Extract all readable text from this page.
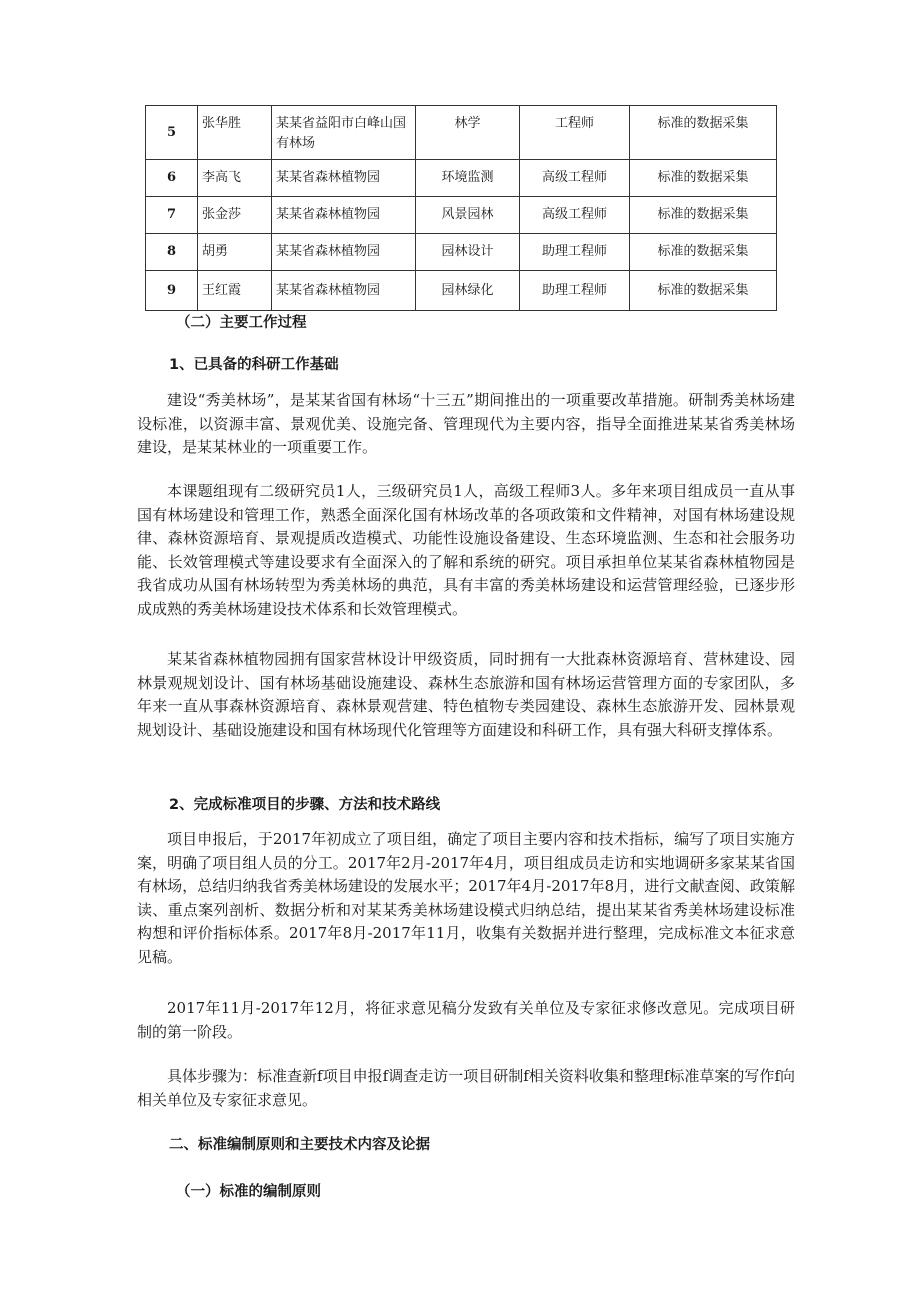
5	张华胜	某某省益阳市白峰山国有林场	林学	工程师	标准的数据采集
6	李高飞	某某省森林植物园	环境监测	高级工程师	标准的数据采集
7	张金莎	某某省森林植物园	风景园林	高级工程师	标准的数据采集
8	胡勇	某某省森林植物园	园林设计	助理工程师	标准的数据采集
9	王红霞	某某省森林植物园	园林绿化	助理工程师	标准的数据采集
（二）主要工作过程
1、已具备的科研工作基础

建设“秀美林场”，是某某省国有林场“十三五”期间推出的一项重要改革措施。研制秀美林场建设标准，以资源丰富、景观优美、设施完备、管理现代为主要内容，指导全面推进某某省秀美林场建设，是某某林业的一项重要工作。

本课题组现有二级研究员1人，三级研究员1人，高级工程师3人。多年来项目组成员一直从事国有林场建设和管理工作，熟悉全面深化国有林场改革的各项政策和文件精神，对国有林场建设规律、森林资源培育、景观提质改造模式、功能性设施设备建设、生态环境监测、生态和社会服务功能、长效管理模式等建设要求有全面深入的了解和系统的研究。项目承担单位某某省森林植物园是我省成功从国有林场转型为秀美林场的典范，具有丰富的秀美林场建设和运营管理经验，已逐步形成成熟的秀美林场建设技术体系和长效管理模式。

某某省森林植物园拥有国家营林设计甲级资质，同时拥有一大批森林资源培育、营林建设、园林景观规划设计、国有林场基础设施建设、森林生态旅游和国有林场运营管理方面的专家团队，多年来一直从事森林资源培育、森林景观营建、特色植物专类园建设、森林生态旅游开发、园林景观规划设计、基础设施建设和国有林场现代化管理等方面建设和科研工作，具有强大科研支撑体系。

2、完成标准项目的步骤、方法和技术路线

项目申报后，于2017年初成立了项目组，确定了项目主要内容和技术指标，编写了项目实施方案，明确了项目组人员的分工。2017年2月-2017年4月，项目组成员走访和实地调研多家某某省国有林场，总结归纳我省秀美林场建设的发展水平；2017年4月-2017年8月，进行文献查阅、政策解读、重点案列剖析、数据分析和对某某秀美林场建设模式归纳总结，提出某某省秀美林场建设标准构想和评价指标体系。2017年8月-2017年11月，收集有关数据并进行整理，完成标准文本征求意见稿。

2017年11月-2017年12月，将征求意见稿分发致有关单位及专家征求修改意见。完成项目研制的第一阶段。

具体步骤为：标准查新f项目申报f调查走访一项目研制f相关资料收集和整理f标准草案的写作f向相关单位及专家征求意见。

二、标准编制原则和主要技术内容及论据
（一）标准的编制原则
